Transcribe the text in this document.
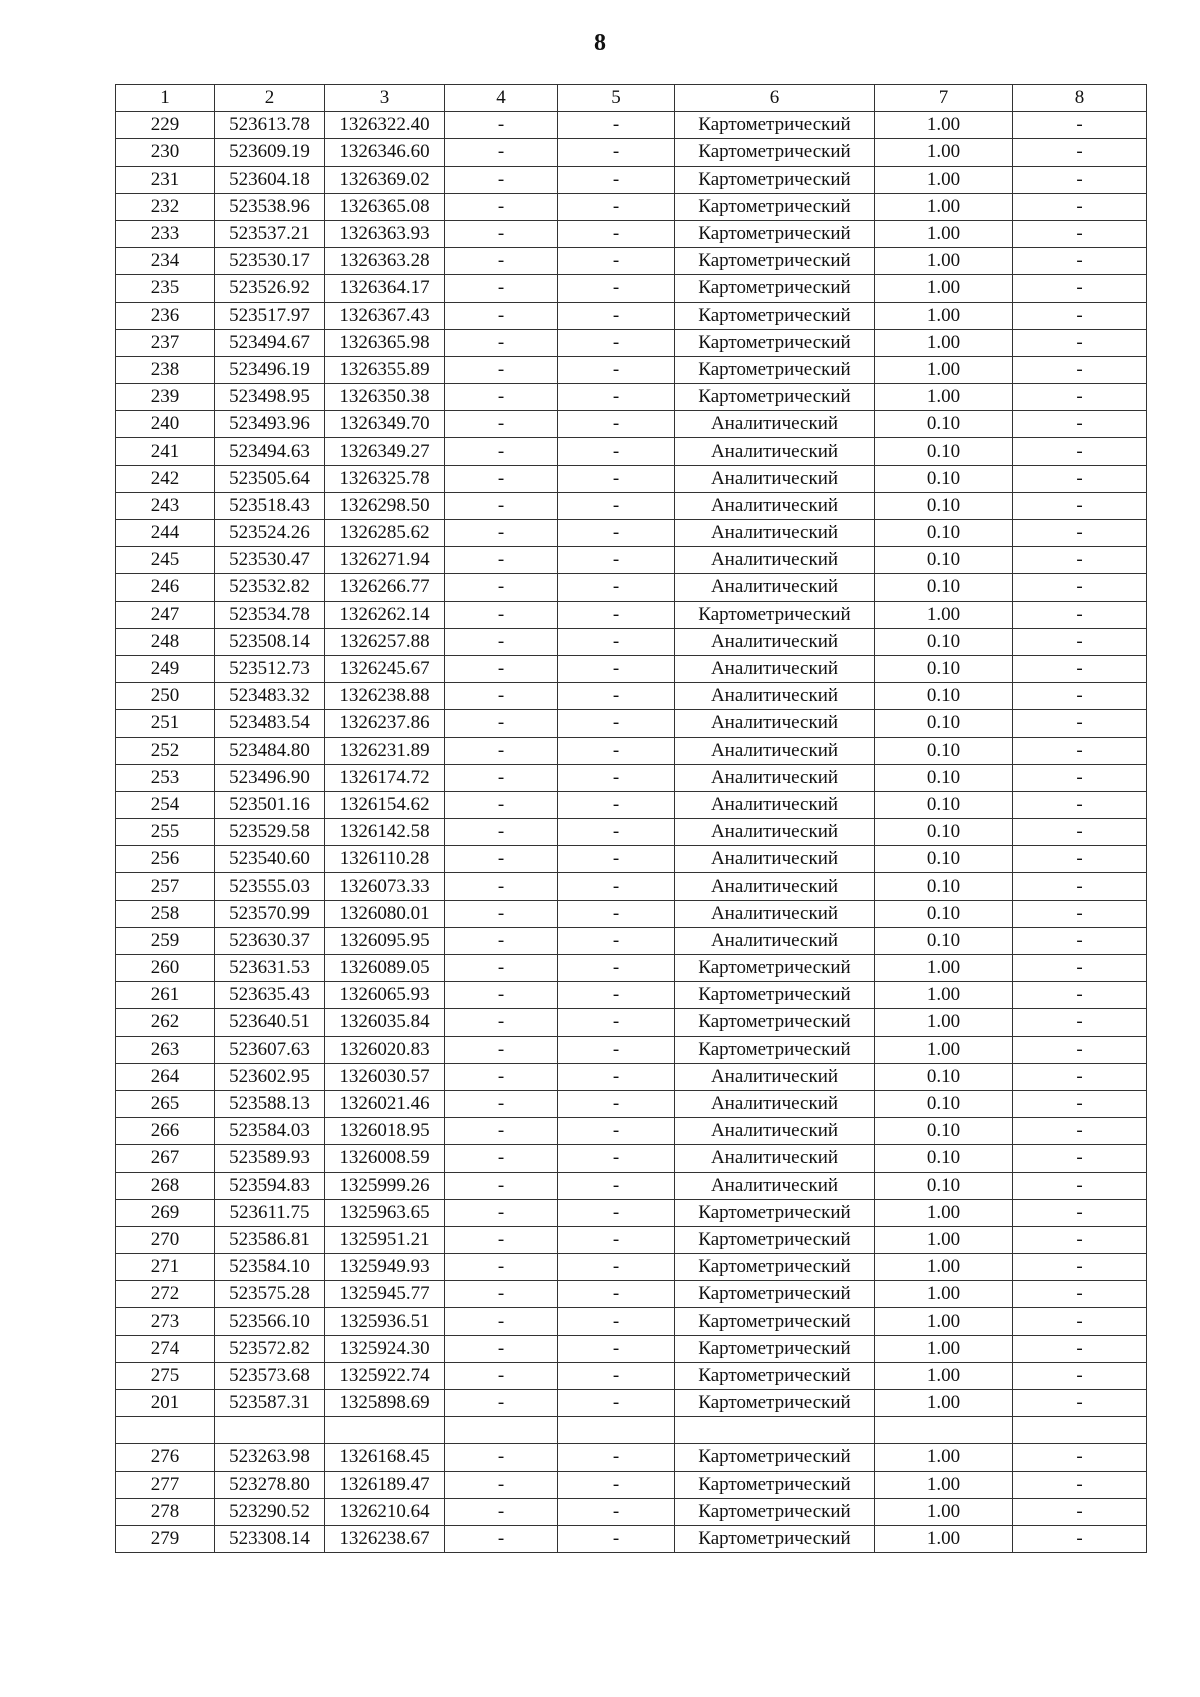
8
1	2	3	4	5	6	7	8
229	523613.78	1326322.40	-	-	Картометрический	1.00	-
230	523609.19	1326346.60	-	-	Картометрический	1.00	-
231	523604.18	1326369.02	-	-	Картометрический	1.00	-
232	523538.96	1326365.08	-	-	Картометрический	1.00	-
233	523537.21	1326363.93	-	-	Картометрический	1.00	-
234	523530.17	1326363.28	-	-	Картометрический	1.00	-
235	523526.92	1326364.17	-	-	Картометрический	1.00	-
236	523517.97	1326367.43	-	-	Картометрический	1.00	-
237	523494.67	1326365.98	-	-	Картометрический	1.00	-
238	523496.19	1326355.89	-	-	Картометрический	1.00	-
239	523498.95	1326350.38	-	-	Картометрический	1.00	-
240	523493.96	1326349.70	-	-	Аналитический	0.10	-
241	523494.63	1326349.27	-	-	Аналитический	0.10	-
242	523505.64	1326325.78	-	-	Аналитический	0.10	-
243	523518.43	1326298.50	-	-	Аналитический	0.10	-
244	523524.26	1326285.62	-	-	Аналитический	0.10	-
245	523530.47	1326271.94	-	-	Аналитический	0.10	-
246	523532.82	1326266.77	-	-	Аналитический	0.10	-
247	523534.78	1326262.14	-	-	Картометрический	1.00	-
248	523508.14	1326257.88	-	-	Аналитический	0.10	-
249	523512.73	1326245.67	-	-	Аналитический	0.10	-
250	523483.32	1326238.88	-	-	Аналитический	0.10	-
251	523483.54	1326237.86	-	-	Аналитический	0.10	-
252	523484.80	1326231.89	-	-	Аналитический	0.10	-
253	523496.90	1326174.72	-	-	Аналитический	0.10	-
254	523501.16	1326154.62	-	-	Аналитический	0.10	-
255	523529.58	1326142.58	-	-	Аналитический	0.10	-
256	523540.60	1326110.28	-	-	Аналитический	0.10	-
257	523555.03	1326073.33	-	-	Аналитический	0.10	-
258	523570.99	1326080.01	-	-	Аналитический	0.10	-
259	523630.37	1326095.95	-	-	Аналитический	0.10	-
260	523631.53	1326089.05	-	-	Картометрический	1.00	-
261	523635.43	1326065.93	-	-	Картометрический	1.00	-
262	523640.51	1326035.84	-	-	Картометрический	1.00	-
263	523607.63	1326020.83	-	-	Картометрический	1.00	-
264	523602.95	1326030.57	-	-	Аналитический	0.10	-
265	523588.13	1326021.46	-	-	Аналитический	0.10	-
266	523584.03	1326018.95	-	-	Аналитический	0.10	-
267	523589.93	1326008.59	-	-	Аналитический	0.10	-
268	523594.83	1325999.26	-	-	Аналитический	0.10	-
269	523611.75	1325963.65	-	-	Картометрический	1.00	-
270	523586.81	1325951.21	-	-	Картометрический	1.00	-
271	523584.10	1325949.93	-	-	Картометрический	1.00	-
272	523575.28	1325945.77	-	-	Картометрический	1.00	-
273	523566.10	1325936.51	-	-	Картометрический	1.00	-
274	523572.82	1325924.30	-	-	Картометрический	1.00	-
275	523573.68	1325922.74	-	-	Картометрический	1.00	-
201	523587.31	1325898.69	-	-	Картометрический	1.00	-

276	523263.98	1326168.45	-	-	Картометрический	1.00	-
277	523278.80	1326189.47	-	-	Картометрический	1.00	-
278	523290.52	1326210.64	-	-	Картометрический	1.00	-
279	523308.14	1326238.67	-	-	Картометрический	1.00	-
